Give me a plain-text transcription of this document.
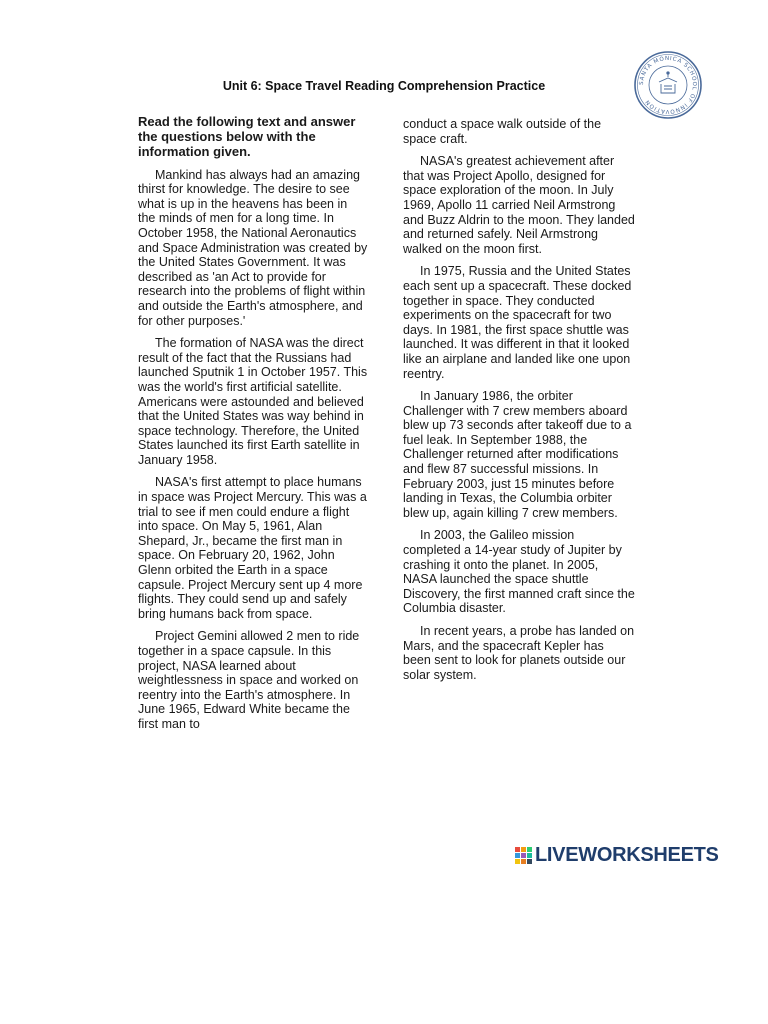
Unit 6: Space Travel Reading Comprehension Practice	SANTA MONICA SCHOOL OF INNOVATION
Read the following text and answer the questions below with the information given.

Mankind has always had an amazing thirst for knowledge. The desire to see what is up in the heavens has been in the minds of men for a long time. In October 1958, the National Aeronautics and Space Administration was created by the United States Government. It was described as 'an Act to provide for research into the problems of flight within and outside the Earth's atmosphere, and for other purposes.'

The formation of NASA was the direct result of the fact that the Russians had launched Sputnik 1 in October 1957. This was the world's first artificial satellite. Americans were astounded and believed that the United States was way behind in space technology. Therefore, the United States launched its first Earth satellite in January 1958.

NASA's first attempt to place humans in space was Project Mercury. This was a trial to see if men could endure a flight into space. On May 5, 1961, Alan Shepard, Jr., became the first man in space. On February 20, 1962, John Glenn orbited the Earth in a space capsule. Project Mercury sent up 4 more flights. They could send up and safely bring humans back from space.

Project Gemini allowed 2 men to ride together in a space capsule. In this project, NASA learned about weightlessness in space and worked on reentry into the Earth's atmosphere. In June 1965, Edward White became the first man to

conduct a space walk outside of the space craft.

NASA's greatest achievement after that was Project Apollo, designed for space exploration of the moon. In July 1969, Apollo 11 carried Neil Armstrong and Buzz Aldrin to the moon. They landed and returned safely. Neil Armstrong walked on the moon first.

In 1975, Russia and the United States each sent up a spacecraft. These docked together in space. They conducted experiments on the spacecraft for two days. In 1981, the first space shuttle was launched. It was different in that it looked like an airplane and landed like one upon reentry.

In January 1986, the orbiter Challenger with 7 crew members aboard blew up 73 seconds after takeoff due to a fuel leak. In September 1988, the Challenger returned after modifications and flew 87 successful missions. In February 2003, just 15 minutes before landing in Texas, the Columbia orbiter blew up, again killing 7 crew members.

In 2003, the Galileo mission completed a 14-year study of Jupiter by crashing it onto the planet. In 2005, NASA launched the space shuttle Discovery, the first manned craft since the Columbia disaster.

In recent years, a probe has landed on Mars, and the spacecraft Kepler has been sent to look for planets outside our solar system.

LIVEWORKSHEETS
